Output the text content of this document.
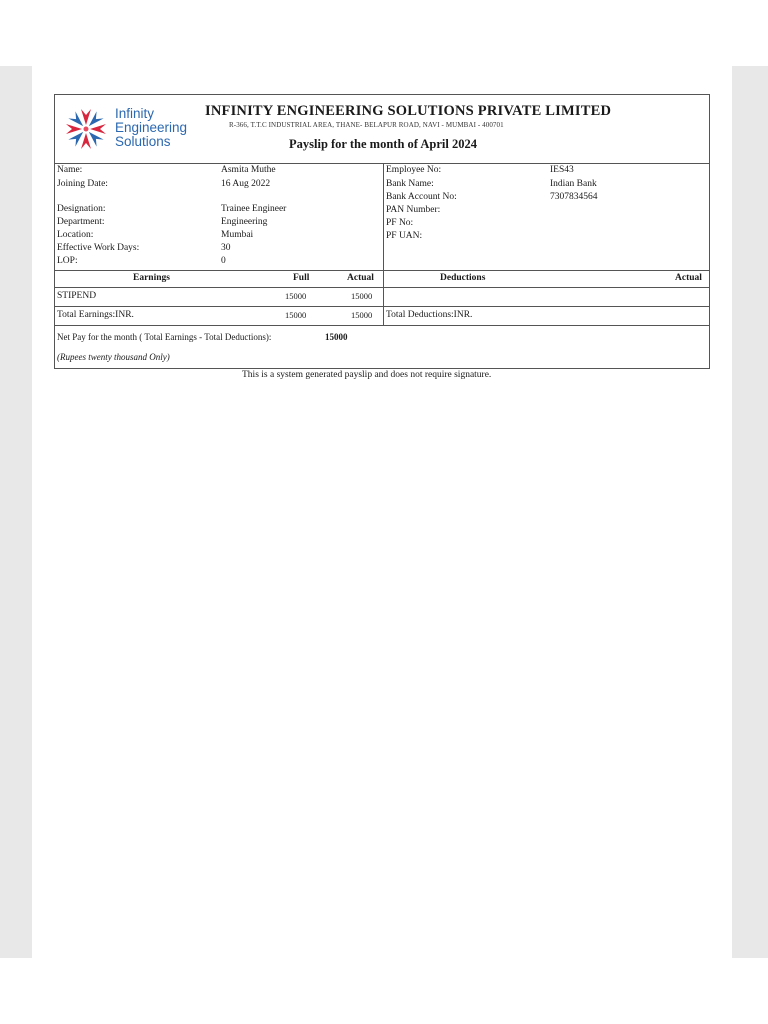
Infinity
Engineering
Solutions
INFINITY ENGINEERING SOLUTIONS PRIVATE LIMITED
R-366, T.T.C INDUSTRIAL AREA, THANE- BELAPUR ROAD, NAVI - MUMBAI - 400701
Payslip for the month of April 2024
Name:	Asmita Muthe
Joining Date:	16 Aug 2022
Designation:	Trainee Engineer
Department:	Engineering
Location:	Mumbai
Effective Work Days:	30
LOP:	0
Employee No:	IES43
Bank Name:	Indian Bank
Bank Account No:	7307834564
PAN Number:
PF No:
PF UAN:
Earnings	Full	Actual	Deductions	Actual
STIPEND	15000	15000
Total Earnings:INR.	15000	15000 Total Deductions:INR.
Net Pay for the month ( Total Earnings - Total Deductions):	15000
(Rupees twenty thousand Only)
This is a system generated payslip and does not require signature.
